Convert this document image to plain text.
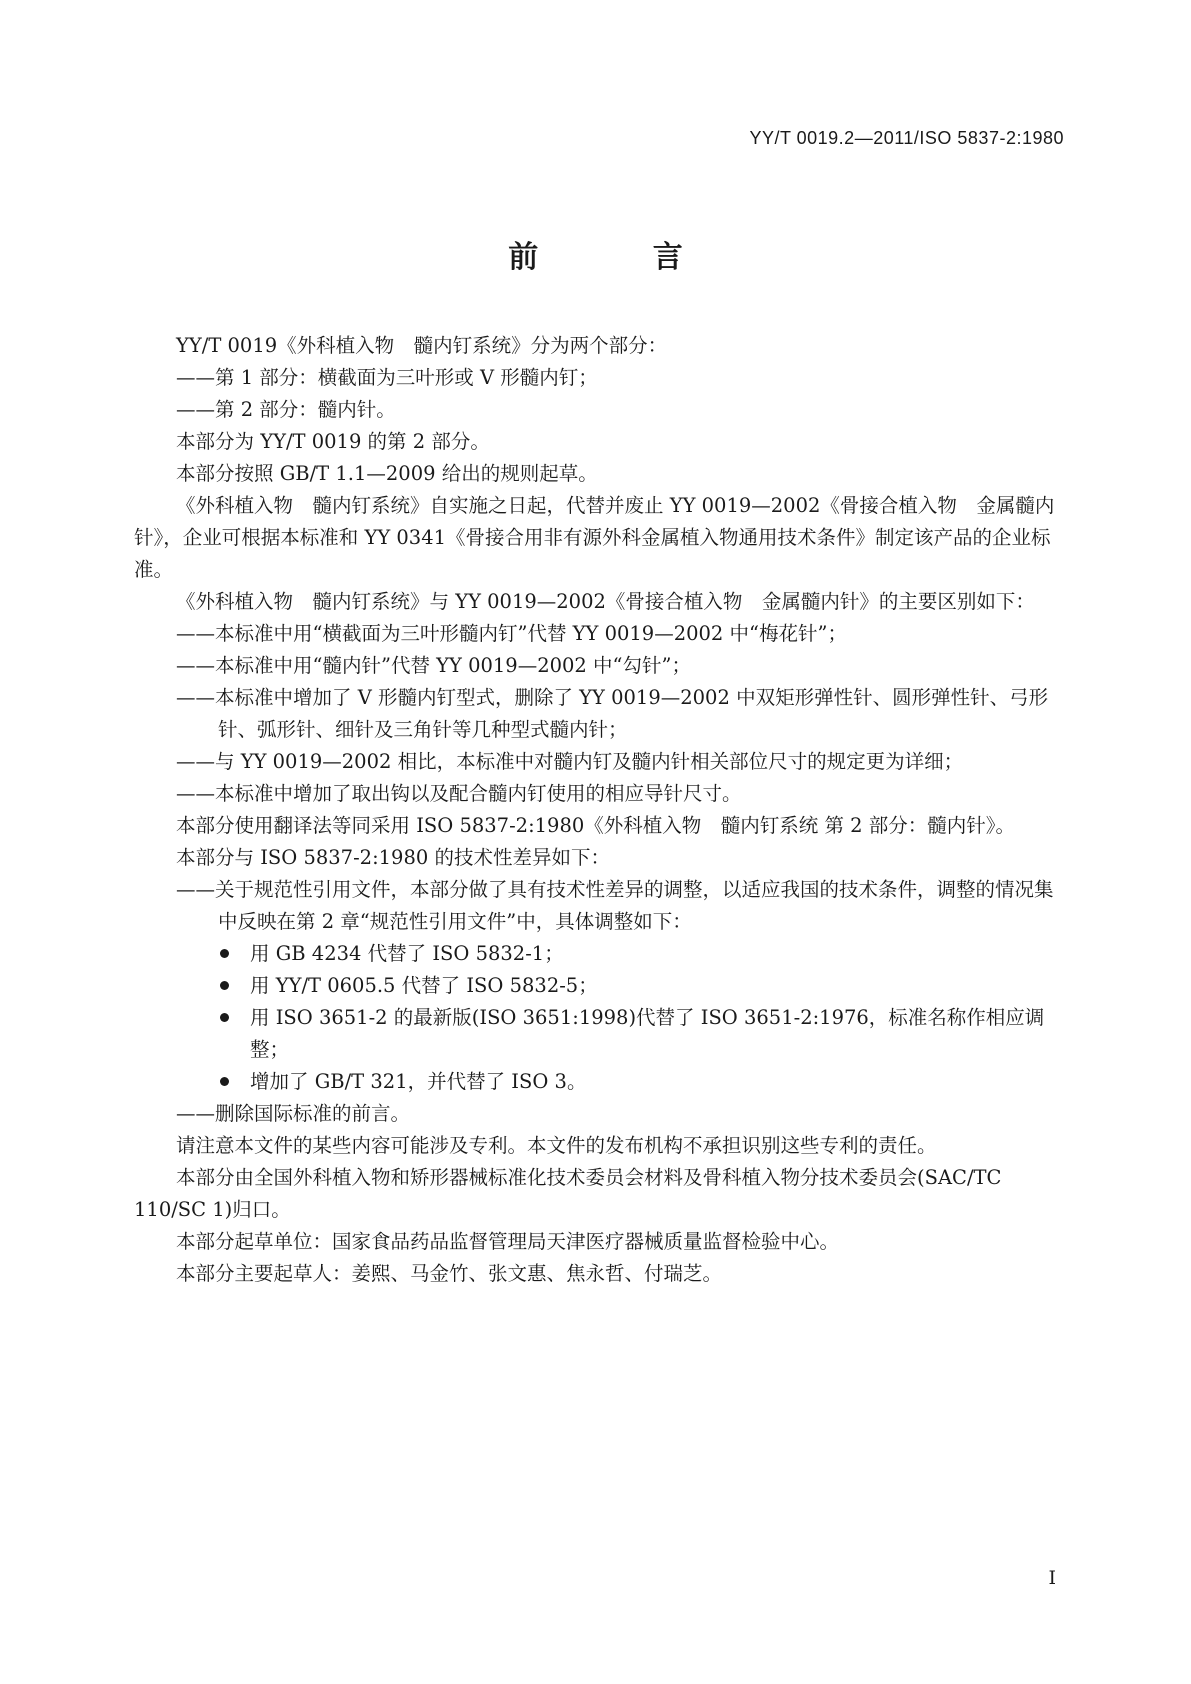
YY/T 0019.2—2011/ISO 5837-2:1980
前 言

YY/T 0019《外科植入物　髓内钉系统》分为两个部分：

——第 1 部分：横截面为三叶形或 V 形髓内钉；

——第 2 部分：髓内针。

本部分为 YY/T 0019 的第 2 部分。

本部分按照 GB/T 1.1—2009 给出的规则起草。

《外科植入物　髓内钉系统》自实施之日起，代替并废止 YY 0019—2002《骨接合植入物　金属髓内针》，企业可根据本标准和 YY 0341《骨接合用非有源外科金属植入物通用技术条件》制定该产品的企业标准。

《外科植入物　髓内钉系统》与 YY 0019—2002《骨接合植入物　金属髓内针》的主要区别如下：

——本标准中用“横截面为三叶形髓内钉”代替 YY 0019—2002 中“梅花针”；

——本标准中用“髓内针”代替 YY 0019—2002 中“勾针”；

——本标准中增加了 V 形髓内钉型式，删除了 YY 0019—2002 中双矩形弹性针、圆形弹性针、弓形针、弧形针、细针及三角针等几种型式髓内针；

——与 YY 0019—2002 相比，本标准中对髓内钉及髓内针相关部位尺寸的规定更为详细；

——本标准中增加了取出钩以及配合髓内钉使用的相应导针尺寸。

本部分使用翻译法等同采用 ISO 5837-2:1980《外科植入物　髓内钉系统 第 2 部分：髓内针》。

本部分与 ISO 5837-2:1980 的技术性差异如下：

——关于规范性引用文件，本部分做了具有技术性差异的调整，以适应我国的技术条件，调整的情况集中反映在第 2 章“规范性引用文件”中，具体调整如下：

用 GB 4234 代替了 ISO 5832-1；

用 YY/T 0605.5 代替了 ISO 5832-5；

用 ISO 3651-2 的最新版(ISO 3651:1998)代替了 ISO 3651-2:1976，标准名称作相应调整；

增加了 GB/T 321，并代替了 ISO 3。

——删除国际标准的前言。

请注意本文件的某些内容可能涉及专利。本文件的发布机构不承担识别这些专利的责任。

本部分由全国外科植入物和矫形器械标准化技术委员会材料及骨科植入物分技术委员会(SAC/TC 110/SC 1)归口。

本部分起草单位：国家食品药品监督管理局天津医疗器械质量监督检验中心。

本部分主要起草人：姜熙、马金竹、张文惠、焦永哲、付瑞芝。

I
